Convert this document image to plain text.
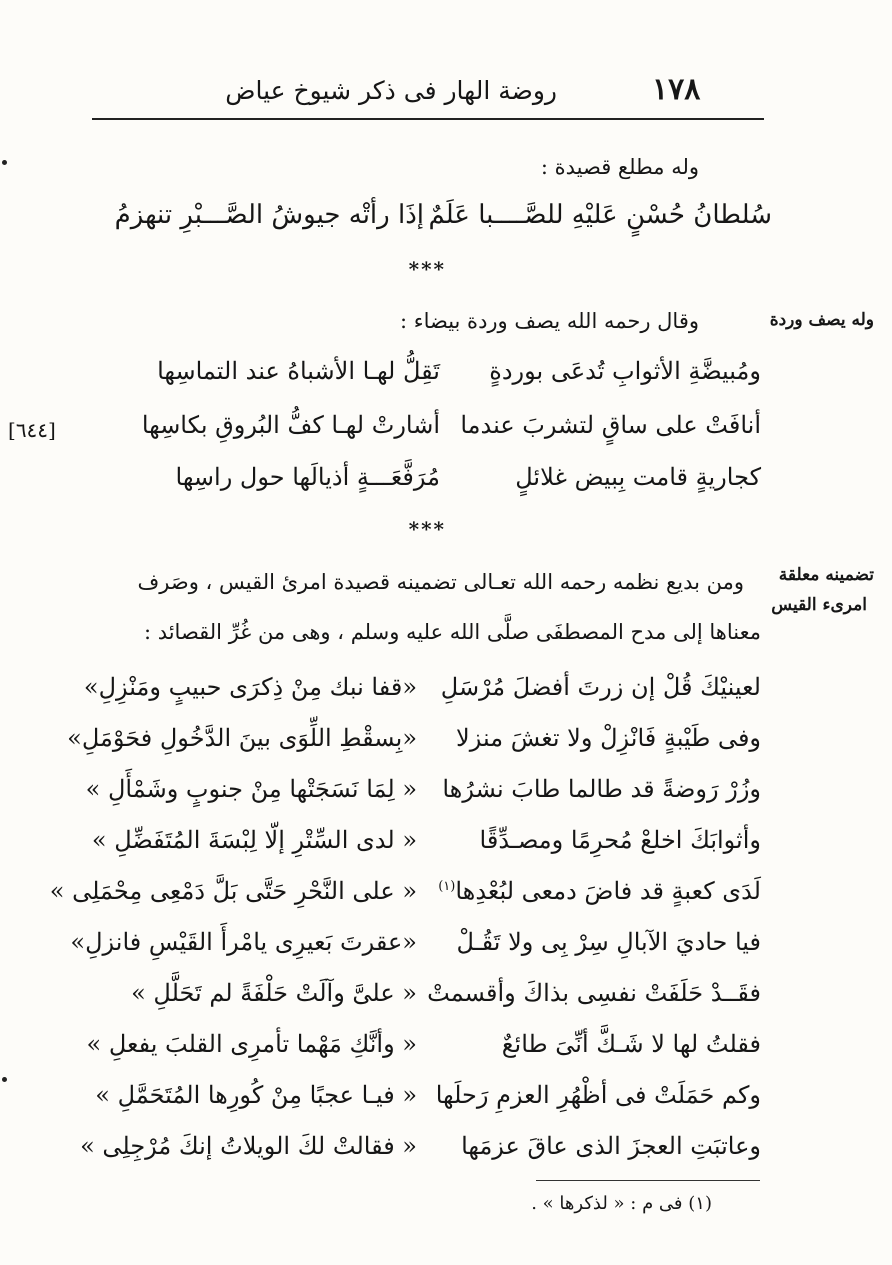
١٧٨
روضة الهار فى ذكر شيوخ عياض
وله مطلع قصيدة :
سُلطانُ حُسْنٍ عَليْهِ للصَّــــبا عَلَمٌ
إذَا رأتْه جيوشُ الصَّـــبْرِ تنهزمُ
***
وله يصف وردة
وقال رحمه الله يصف وردة بيضاء :
ومُبيضَّةِ الأثوابِ تُدعَى بوردةٍ
تَقِلُّ لهـا الأشباهُ عند التماسِها
أنافَتْ على ساقٍ لتشربَ عندما
أشارتْ لهـا كفُّ البُروقِ بكاسِها
[٦٤٤]
كجاريةٍ قامت بِبيض غلائلٍ
مُرَفَّعَـــةٍ أذيالَها حول راسِها
***
تضمينه معلقة
امرىء القيس
ومن بديع نظمه رحمه الله تعـالى تضمينه قصيدة امرئ القيس ، وصَرف
معناها إلى مدح المصطفَى صلَّى الله عليه وسلم ، وهى من غُرِّ القصائد :
لعينيْكَ قُلْ إن زرتَ أفضلَ مُرْسَلِ
«قفا نبك مِنْ ذِكرَى حبيبٍ ومَنْزِلِ»
وفى طَيْبةٍ فَانْزِلْ ولا تغشَ منزلا
«بِسقْطِ اللِّوَى بينَ الدَّخُولِ فحَوْمَلِ»
وزُرْ رَوضةً قد طالما طابَ نشرُها
« لِمَا نَسَجَتْها مِنْ جنوبٍ وشَمْأَلِ »
وأثوابَكَ اخلعْ مُحرِمًا ومصـدِّقًا
« لدى السِّتْرِ إلّا لِبْسَةَ المُتَفَضِّلِ »
لَدَى كعبةٍ قد فاضَ دمعى لبُعْدِها$^{(١)}$
« على النَّحْرِ حَتَّى بَلَّ دَمْعِى مِحْمَلِى »
فيا حاديَ الآبالِ سِرْ بِى ولا تَقُـلْ
«عقرتَ بَعيرِى يامْرأَ القَيْسِ فانزلِ»
فقَــدْ حَلَفَتْ نفسِى بذاكَ وأقسمتْ
« علىَّ وآلَتْ حَلْفَةً لم تَحَلَّلِ »
فقلتُ لها لا شَـكَّ أنِّىَ طائعٌ
« وأنَّكِ مَهْما تأمرِى القلبَ يفعلِ »
وكم حَمَلَتْ فى أظْهُرِ العزمِ رَحلَها
« فيـا عجبًا مِنْ كُورِها المُتَحَمَّلِ »
وعاتبَتِ العجزَ الذى عاقَ عزمَها
« فقالتْ لكَ الويلاتُ إنكَ مُرْجِلِى »
(١) فى م : « لذكرها » .
